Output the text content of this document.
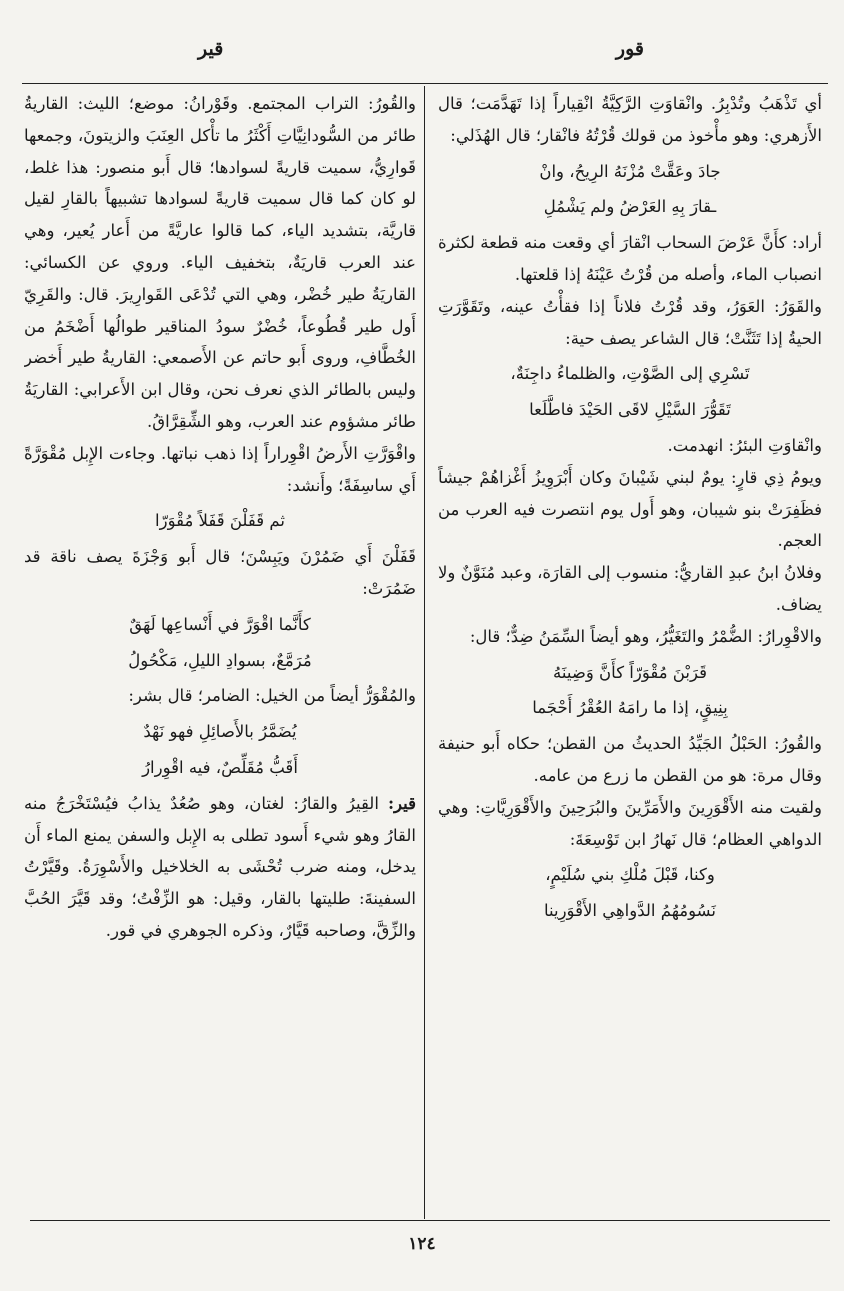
قور
قير

أي تَذْهَبُ وتُدْبِرُ. وانْقاوَتِ الرَّكِيَّةُ انْقِياراً إذا تَهَدَّمَت؛ قال الأَزهري: وهو مأْخوذ من قولك قُرْتُهُ فانْقار؛ قال الهُذَلي:

جادَ وعَقَّتْ مُزْنَهُ الرِيحُ، وانْ
ـقارَ بِهِ العَرْضُ ولم يَشْمُلِ

أراد: كأَنَّ عَرْضَ السحاب انْقارَ أي وقعت منه قطعة لكثرة انصباب الماء، وأصله من قُرْتُ عَيْنَهُ إذا قلعتها.

والقَوَرُ: العَوَرُ، وقد قُرْتُ فلاناً إذا فقأْتُ عينه، وتَقَوَّرَتِ الحيةُ إذا تَثَنَّتْ؛ قال الشاعر يصف حية:

تَسْرِي إلى الصَّوْتِ، والظلماءُ داجِنَةٌ،
تَقَوُّرَ السَّيْلِ لاقَى الحَيْدَ فاطَّلَعا

وانْقاوَتِ البئرُ: انهدمت.

ويومُ ذِي قارٍ: يومٌ لبني شَيْبانَ وكان أَبْرَوِيزُ أَغْزاهُمْ جيشاً فظَفِرَتْ بنو شيبان، وهو أَول يوم انتصرت فيه العرب من العجم.

وفلانُ ابنُ عبدِ القاريُّ: منسوب إلى القارَة، وعبد مُنَوَّنٌ ولا يضاف.

والاقْوِرارُ: الضُّمْرُ والتَغَيُّرُ، وهو أيضاً السِّمَنُ ضِدٌّ؛ قال:

قَرَبْنَ مُقْوَرّاً كأَنَّ وَضِينَهُ
بِنِيقٍ، إذا ما رامَهُ العُقْرُ أَحْجَما

والقُورُ: الحَبْلُ الجَيِّدُ الحديثُ من القطن؛ حكاه أَبو حنيفة وقال مرة: هو من القطن ما زرع من عامه.

ولقيت منه الأَقْوَرِينَ والأَمَرِّينَ والبُرَحِينَ والأَقْوَرِيَّاتِ: وهي الدواهي العظام؛ قال نَهارُ ابن تَوْسِعَةَ:

وكنا، قَبْلَ مُلْكِ بني سُلَيْمٍ،
نَسُومُهُمُ الدَّواهِي الأَقْوَرِينا

والقُورُ: التراب المجتمع. وقَوْرانُ: موضع؛ الليث: القاريةُ طائر من السُّودانِيَّاتِ أَكْثَرُ ما تأْكل العِنَبَ والزيتونَ، وجمعها قَوارِيُّ، سميت قاريةً لسوادها؛ قال أَبو منصور: هذا غلط، لو كان كما قال سميت قاريةً لسوادها تشبيهاً بالقارِ لقيل قاريَّة، بتشديد الياء، كما قالوا عاريَّةً من أَعار يُعير، وهي عند العرب قاريَةٌ، بتخفيف الياء. وروي عن الكسائي: القاريَةُ طير خُضْر، وهي التي تُدْعَى القَوارِيرَ. قال: والقَرِيّ أَول طير قُطُوعاً، خُضْرٌ سودُ المناقير طوالُها أَضْخَمُ من الخُطَّافِ، وروى أَبو حاتم عن الأَصمعي: القاريةُ طير أَخضر وليس بالطائر الذي نعرف نحن، وقال ابن الأَعرابي: القاريَةُ طائر مشؤوم عند العرب، وهو الشِّقِرَّاقُ.

واقْوَرَّتِ الأَرضُ اقْوِراراً إذا ذهب نباتها. وجاءت الإِبل مُقْوَرَّةً أَي ساسِفَةً؛ وأَنشد:

ثم قَفَلْنَ قَفَلاً مُقْوَرّا

قَفَلْنَ أَي ضَمُرْنَ ويَبِسْنَ؛ قال أَبو وَجْزَةَ يصف ناقة قد ضَمُرَتْ:

كأَنَّما اقْوَرَّ في أَنْساعِها لَهَقٌ
مُرَمَّعٌ، بسوادِ الليلِ، مَكْحُولُ

والمُقْوَرُّ أيضاً من الخيل: الضامر؛ قال بشر:

يُضَمَّرُ بالأَصائِلِ فهو نَهْدٌ
أَقَبُّ مُقَلِّصٌ، فيه اقْوِرارُ

قير: القِيرُ والقارُ: لغتان، وهو صُعُدٌ يذابُ فيُسْتَخْرَجُ منه القارُ وهو شيء أَسود تطلى به الإِبل والسفن يمنع الماء أَن يدخل، ومنه ضرب تُحْشَى به الخلاخيل والأَسْوِرَةُ. وقَيَّرْتُ السفينةَ: طليتها بالقار، وقيل: هو الزِّفْتُ؛ وقد قَيَّرَ الحُبَّ والزِّقَّ، وصاحبه قَيَّارٌ، وذكره الجوهري في قور.

١٢٤
